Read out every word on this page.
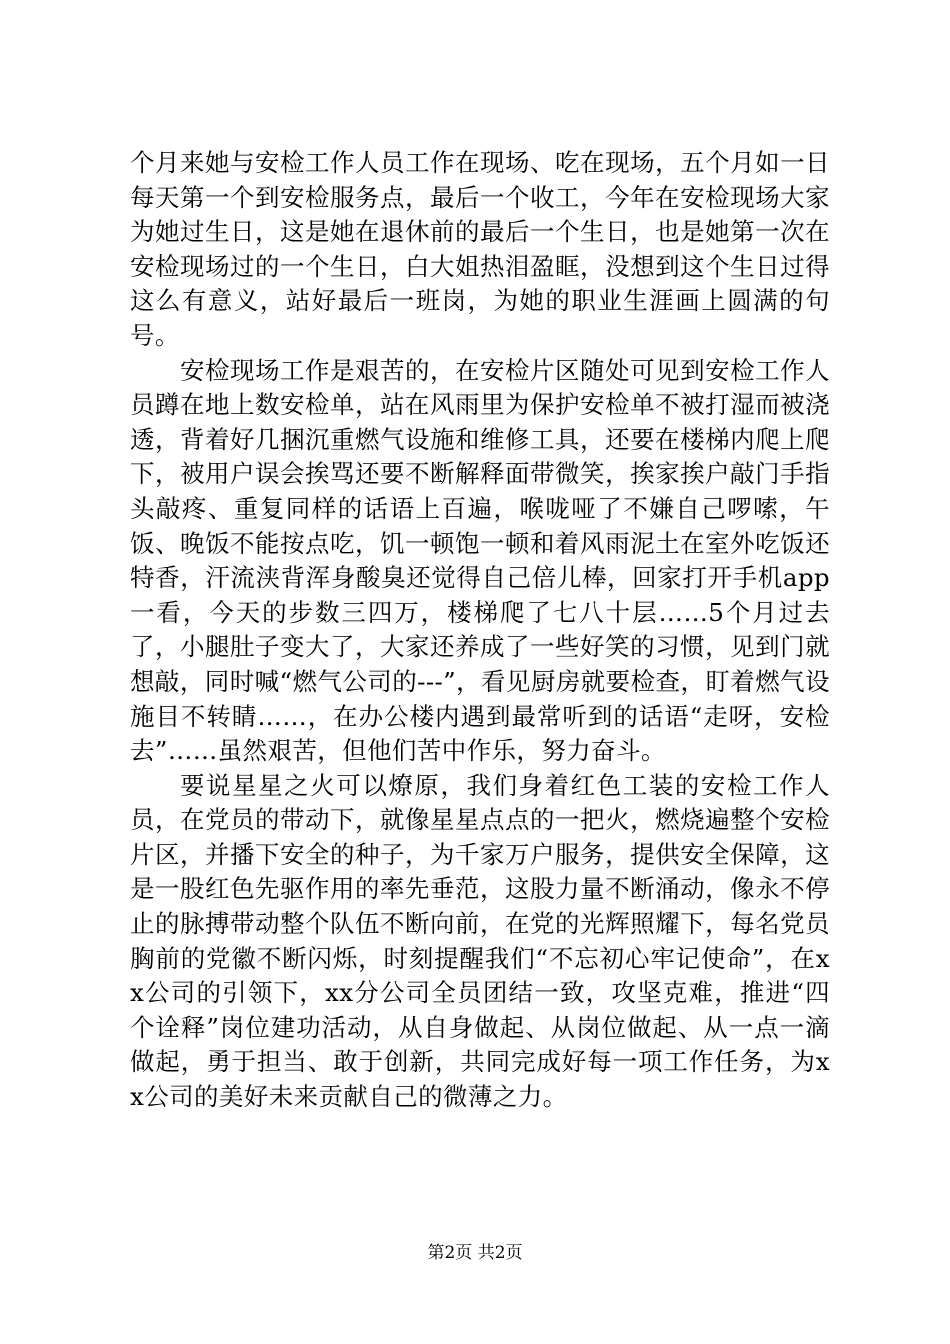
个月来她与安检工作人员工作在现场、吃在现场，五个月如一日每天第一个到安检服务点，最后一个收工，今年在安检现场大家为她过生日，这是她在退休前的最后一个生日，也是她第一次在安检现场过的一个生日，白大姐热泪盈眶，没想到这个生日过得这么有意义，站好最后一班岗，为她的职业生涯画上圆满的句号。

安检现场工作是艰苦的，在安检片区随处可见到安检工作人员蹲在地上数安检单，站在风雨里为保护安检单不被打湿而被浇透，背着好几捆沉重燃气设施和维修工具，还要在楼梯内爬上爬下，被用户误会挨骂还要不断解释面带微笑，挨家挨户敲门手指头敲疼、重复同样的话语上百遍，喉咙哑了不嫌自己啰嗦，午饭、晚饭不能按点吃，饥一顿饱一顿和着风雨泥土在室外吃饭还特香，汗流浃背浑身酸臭还觉得自己倍儿棒，回家打开手机app一看，今天的步数三四万，楼梯爬了七八十层……5个月过去了，小腿肚子变大了，大家还养成了一些好笑的习惯，见到门就想敲，同时喊“燃气公司的---”，看见厨房就要检查，盯着燃气设施目不转睛……，在办公楼内遇到最常听到的话语“走呀，安检去”……虽然艰苦，但他们苦中作乐，努力奋斗。

要说星星之火可以燎原，我们身着红色工装的安检工作人员，在党员的带动下，就像星星点点的一把火，燃烧遍整个安检片区，并播下安全的种子，为千家万户服务，提供安全保障，这是一股红色先驱作用的率先垂范，这股力量不断涌动，像永不停止的脉搏带动整个队伍不断向前，在党的光辉照耀下，每名党员胸前的党徽不断闪烁，时刻提醒我们“不忘初心牢记使命”，在xx公司的引领下，xx分公司全员团结一致，攻坚克难，推进“四个诠释”岗位建功活动，从自身做起、从岗位做起、从一点一滴做起，勇于担当、敢于创新，共同完成好每一项工作任务，为xx公司的美好未来贡献自己的微薄之力。

第2页 共2页
